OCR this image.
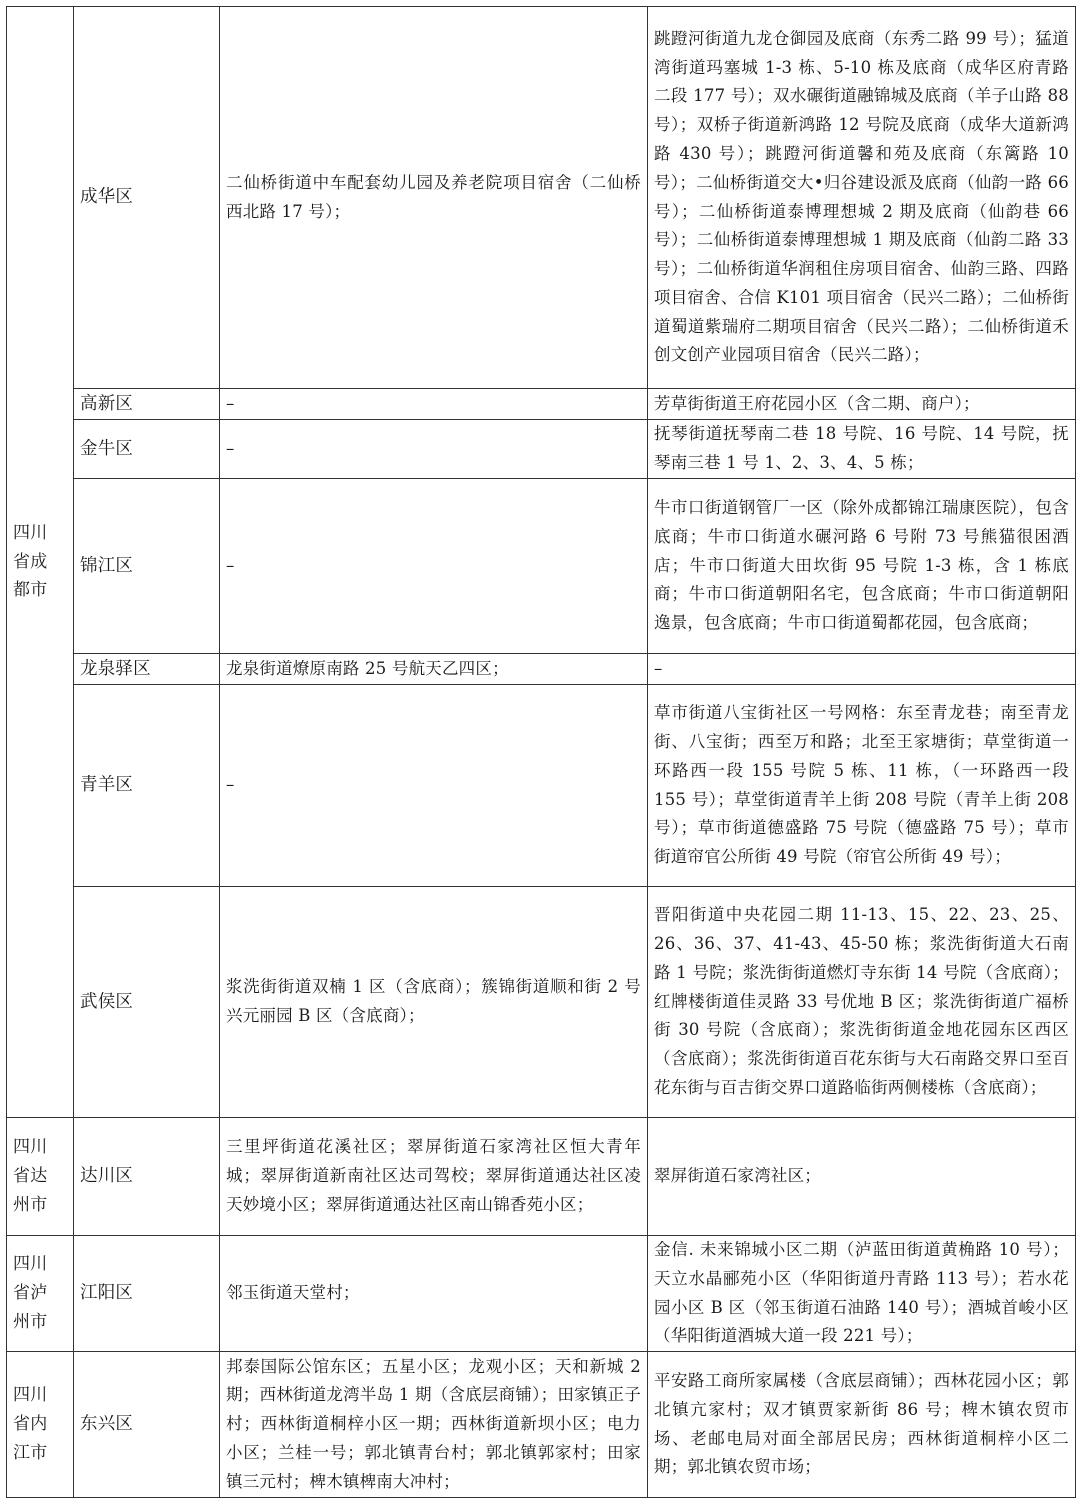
四川省成都市	成华区	二仙桥街道中车配套幼儿园及养老院项目宿舍（二仙桥西北路 17 号）；	跳蹬河街道九龙仓御园及底商（东秀二路 99 号）；猛道湾街道玛塞城 1-3 栋、5-10 栋及底商（成华区府青路二段 177 号）；双水碾街道融锦城及底商（羊子山路 88 号）；双桥子街道新鸿路 12 号院及底商（成华大道新鸿路 430 号）；跳蹬河街道馨和苑及底商（东篱路 10 号）；二仙桥街道交大•归谷建设派及底商（仙韵一路 66 号）；二仙桥街道泰博理想城 2 期及底商（仙韵巷 66 号）；二仙桥街道泰博理想城 1 期及底商（仙韵二路 33 号）；二仙桥街道华润租住房项目宿舍、仙韵三路、四路项目宿舍、合信 K101 项目宿舍（民兴二路）；二仙桥街道蜀道紫瑞府二期项目宿舍（民兴二路）；二仙桥街道禾创文创产业园项目宿舍（民兴二路）；
	高新区	–	芳草街街道王府花园小区（含二期、商户）；
	金牛区	–	抚琴街道抚琴南二巷 18 号院、16 号院、14 号院，抚琴南三巷 1 号 1、2、3、4、5 栋；
	锦江区	–	牛市口街道钢管厂一区（除外成都锦江瑞康医院），包含底商；牛市口街道水碾河路 6 号附 73 号熊猫很困酒店；牛市口街道大田坎街 95 号院 1-3 栋，含 1 栋底商；牛市口街道朝阳名宅，包含底商；牛市口街道朝阳逸景，包含底商；牛市口街道蜀都花园，包含底商；
	龙泉驿区	龙泉街道燎原南路 25 号航天乙四区；	–
	青羊区	–	草市街道八宝街社区一号网格：东至青龙巷；南至青龙街、八宝街；西至万和路；北至王家塘街；草堂街道一环路西一段 155 号院 5 栋、11 栋，（一环路西一段 155 号）；草堂街道青羊上街 208 号院（青羊上街 208 号）；草市街道德盛路 75 号院（德盛路 75 号）；草市街道帘官公所街 49 号院（帘官公所街 49 号）；
	武侯区	浆洗街街道双楠 1 区（含底商）；簇锦街道顺和街 2 号兴元丽园 B 区（含底商）；	晋阳街道中央花园二期 11-13、15、22、23、25、26、36、37、41-43、45-50 栋；浆洗街街道大石南路 1 号院；浆洗街街道燃灯寺东街 14 号院（含底商）；红牌楼街道佳灵路 33 号优地 B 区；浆洗街街道广福桥街 30 号院（含底商）；浆洗街街道金地花园东区西区（含底商）；浆洗街街道百花东街与大石南路交界口至百花东街与百吉街交界口道路临街两侧楼栋（含底商）；

四川省达州市	达川区	三里坪街道花溪社区；翠屏街道石家湾社区恒大青年城；翠屏街道新南社区达司驾校；翠屏街道通达社区凌天妙境小区；翠屏街道通达社区南山锦香苑小区；	翠屏街道石家湾社区；

四川省泸州市	江阳区	邻玉街道天堂村；	金信. 未来锦城小区二期（泸蓝田街道黄桷路 10 号）；天立水晶郦苑小区（华阳街道丹青路 113 号）；若水花园小区 B 区（邻玉街道石油路 140 号）；酒城首峻小区（华阳街道酒城大道一段 221 号）；

四川省内江市	东兴区	邦泰国际公馆东区；五星小区；龙观小区；天和新城 2 期；西林街道龙湾半岛 1 期（含底层商铺）；田家镇正子村；西林街道桐梓小区一期；西林街道新坝小区；电力小区；兰桂一号；郭北镇青台村；郭北镇郭家村；田家镇三元村；椑木镇椑南大冲村；	平安路工商所家属楼（含底层商铺）；西林花园小区；郭北镇亢家村；双才镇贾家新街 86 号；椑木镇农贸市场、老邮电局对面全部居民房；西林街道桐梓小区二期；郭北镇农贸市场；
